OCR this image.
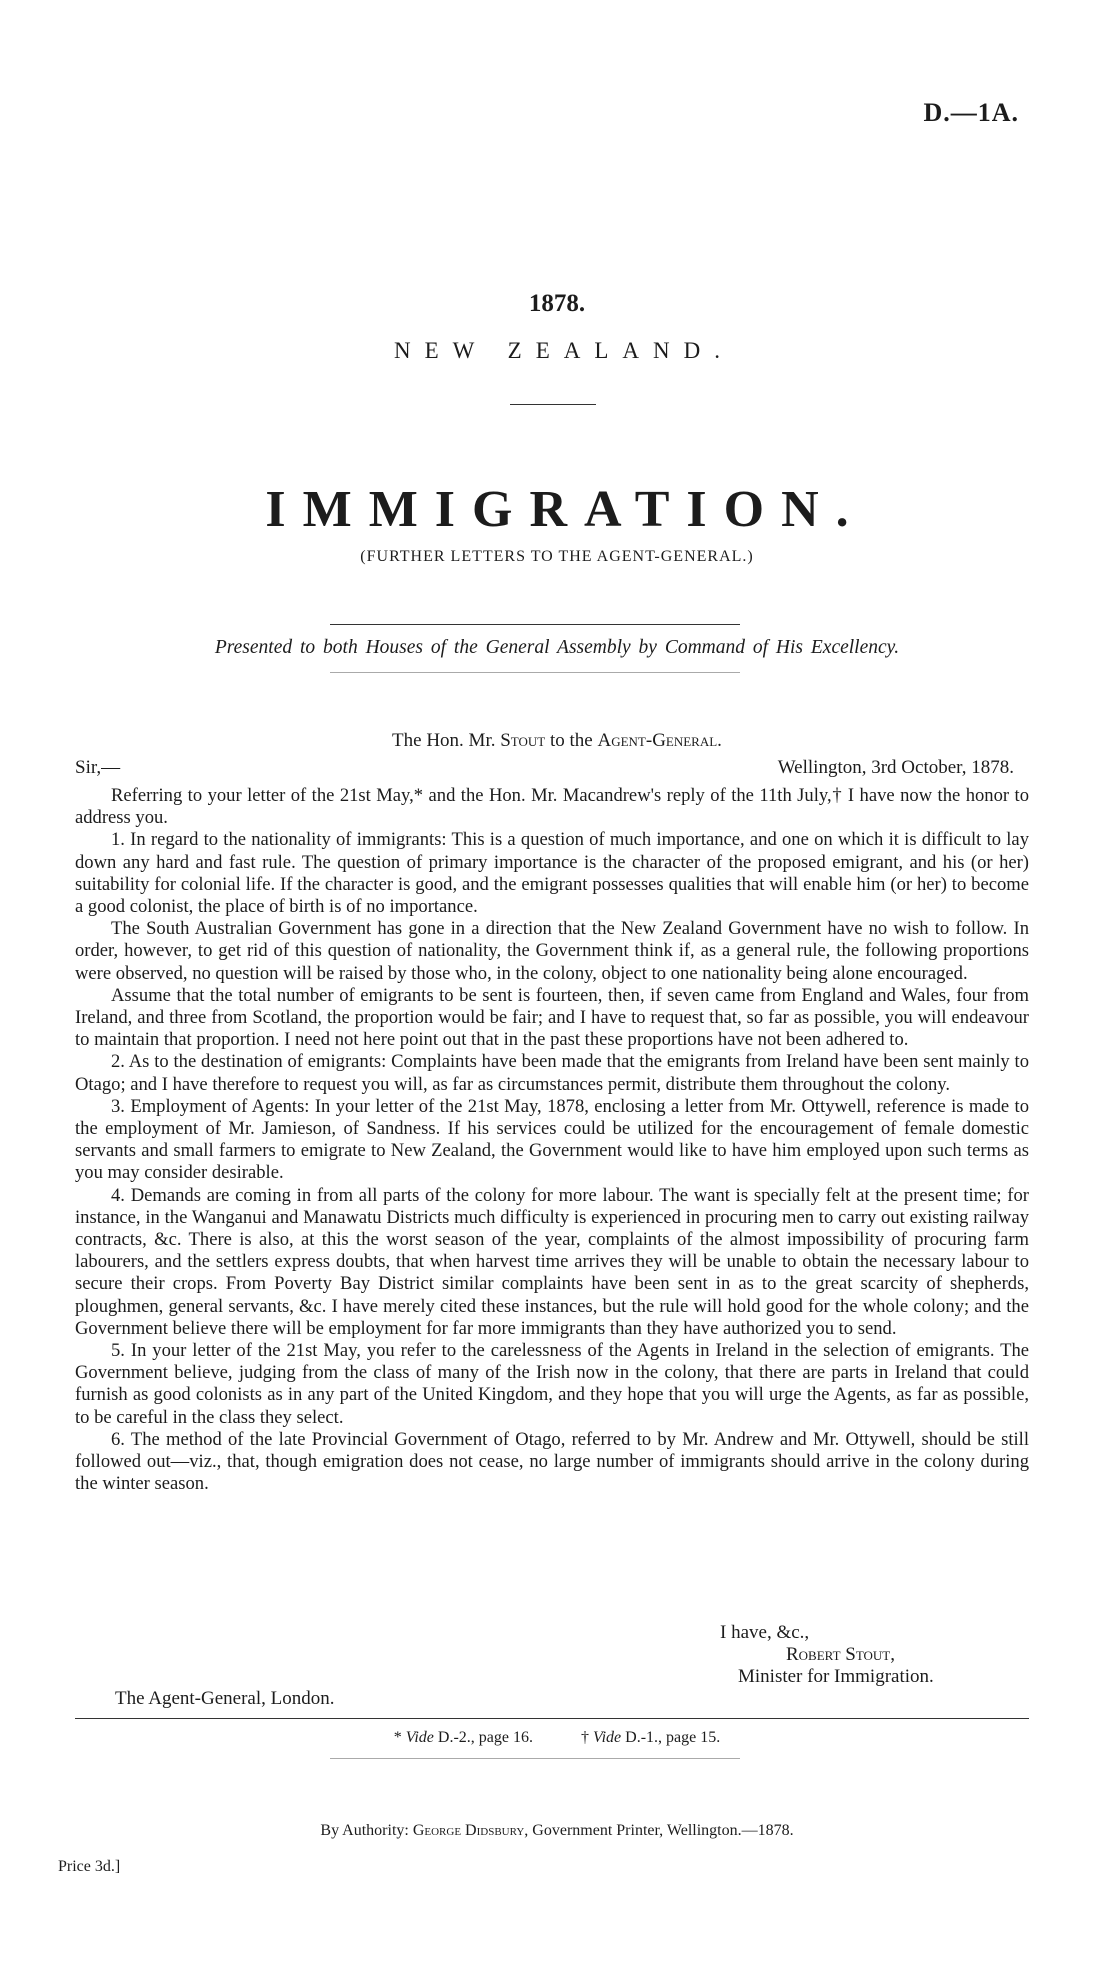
D.—1A.
1878.
NEW ZEALAND.
IMMIGRATION.
(FURTHER LETTERS TO THE AGENT-GENERAL.)
Presented to both Houses of the General Assembly by Command of His Excellency.
The Hon. Mr. Stout to the Agent-General.
Sir,—	Wellington, 3rd October, 1878.

Referring to your letter of the 21st May,* and the Hon. Mr. Macandrew's reply of the 11th July,† I have now the honor to address you.

1. In regard to the nationality of immigrants: This is a question of much importance, and one on which it is difficult to lay down any hard and fast rule. The question of primary importance is the character of the proposed emigrant, and his (or her) suitability for colonial life. If the character is good, and the emigrant possesses qualities that will enable him (or her) to become a good colonist, the place of birth is of no importance.

The South Australian Government has gone in a direction that the New Zealand Government have no wish to follow. In order, however, to get rid of this question of nationality, the Government think if, as a general rule, the following proportions were observed, no question will be raised by those who, in the colony, object to one nationality being alone encouraged.

Assume that the total number of emigrants to be sent is fourteen, then, if seven came from England and Wales, four from Ireland, and three from Scotland, the proportion would be fair; and I have to request that, so far as possible, you will endeavour to maintain that proportion. I need not here point out that in the past these proportions have not been adhered to.

2. As to the destination of emigrants: Complaints have been made that the emigrants from Ireland have been sent mainly to Otago; and I have therefore to request you will, as far as circumstances permit, distribute them throughout the colony.

3. Employment of Agents: In your letter of the 21st May, 1878, enclosing a letter from Mr. Ottywell, reference is made to the employment of Mr. Jamieson, of Sandness. If his services could be utilized for the encouragement of female domestic servants and small farmers to emigrate to New Zealand, the Government would like to have him employed upon such terms as you may consider desirable.

4. Demands are coming in from all parts of the colony for more labour. The want is specially felt at the present time; for instance, in the Wanganui and Manawatu Districts much difficulty is experienced in procuring men to carry out existing railway contracts, &c. There is also, at this the worst season of the year, complaints of the almost impossibility of procuring farm labourers, and the settlers express doubts, that when harvest time arrives they will be unable to obtain the necessary labour to secure their crops. From Poverty Bay District similar complaints have been sent in as to the great scarcity of shepherds, ploughmen, general servants, &c. I have merely cited these instances, but the rule will hold good for the whole colony; and the Government believe there will be employment for far more immigrants than they have authorized you to send.

5. In your letter of the 21st May, you refer to the carelessness of the Agents in Ireland in the selection of emigrants. The Government believe, judging from the class of many of the Irish now in the colony, that there are parts in Ireland that could furnish as good colonists as in any part of the United Kingdom, and they hope that you will urge the Agents, as far as possible, to be careful in the class they select.

6. The method of the late Provincial Government of Otago, referred to by Mr. Andrew and Mr. Ottywell, should be still followed out—viz., that, though emigration does not cease, no large number of immigrants should arrive in the colony during the winter season.

I have, &c.,
Robert Stout,
Minister for Immigration.
The Agent-General, London.
* Vide D.-2., page 16.	† Vide D.-1., page 15.
By Authority: George Didsbury, Government Printer, Wellington.—1878.
Price 3d.]
